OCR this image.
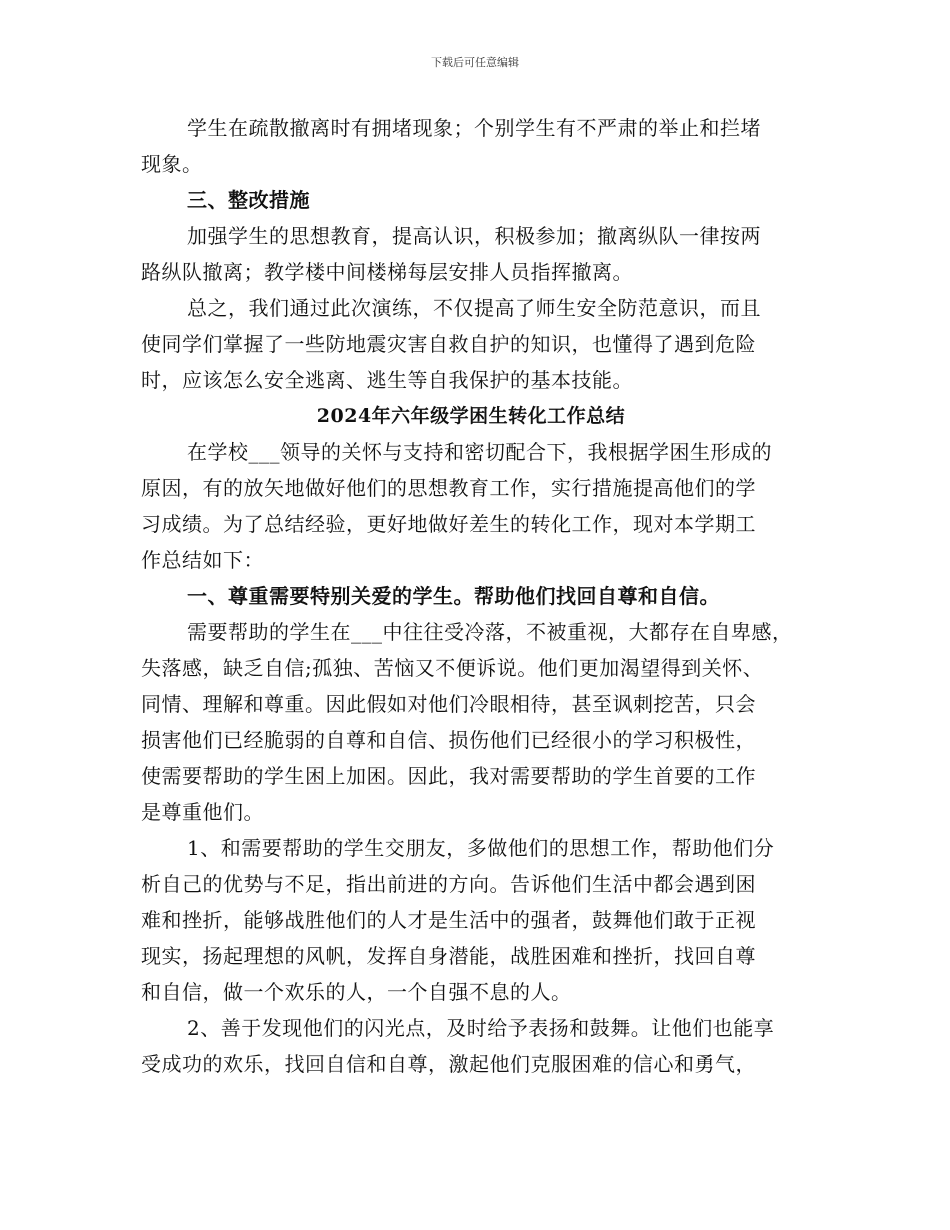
下载后可任意编辑
学生在疏散撤离时有拥堵现象；个别学生有不严肃的举止和拦堵
现象。
三、整改措施
加强学生的思想教育，提高认识，积极参加；撤离纵队一律按两
路纵队撤离；教学楼中间楼梯每层安排人员指挥撤离。
总之，我们通过此次演练，不仅提高了师生安全防范意识，而且
使同学们掌握了一些防地震灾害自救自护的知识，也懂得了遇到危险
时，应该怎么安全逃离、逃生等自我保护的基本技能。
2024年六年级学困生转化工作总结
在学校___领导的关怀与支持和密切配合下，我根据学困生形成的
原因，有的放矢地做好他们的思想教育工作，实行措施提高他们的学
习成绩。为了总结经验，更好地做好差生的转化工作，现对本学期工
作总结如下：
一、尊重需要特别关爱的学生。帮助他们找回自尊和自信。
需要帮助的学生在___中往往受冷落，不被重视，大都存在自卑感，
失落感，缺乏自信;孤独、苦恼又不便诉说。他们更加渴望得到关怀、
同情、理解和尊重。因此假如对他们冷眼相待，甚至讽刺挖苦，只会
损害他们已经脆弱的自尊和自信、损伤他们已经很小的学习积极性，
使需要帮助的学生困上加困。因此，我对需要帮助的学生首要的工作
是尊重他们。
1、和需要帮助的学生交朋友，多做他们的思想工作，帮助他们分
析自己的优势与不足，指出前进的方向。告诉他们生活中都会遇到困
难和挫折，能够战胜他们的人才是生活中的强者，鼓舞他们敢于正视
现实，扬起理想的风帆，发挥自身潜能，战胜困难和挫折，找回自尊
和自信，做一个欢乐的人，一个自强不息的人。
2、善于发现他们的闪光点，及时给予表扬和鼓舞。让他们也能享
受成功的欢乐，找回自信和自尊，激起他们克服困难的信心和勇气，
